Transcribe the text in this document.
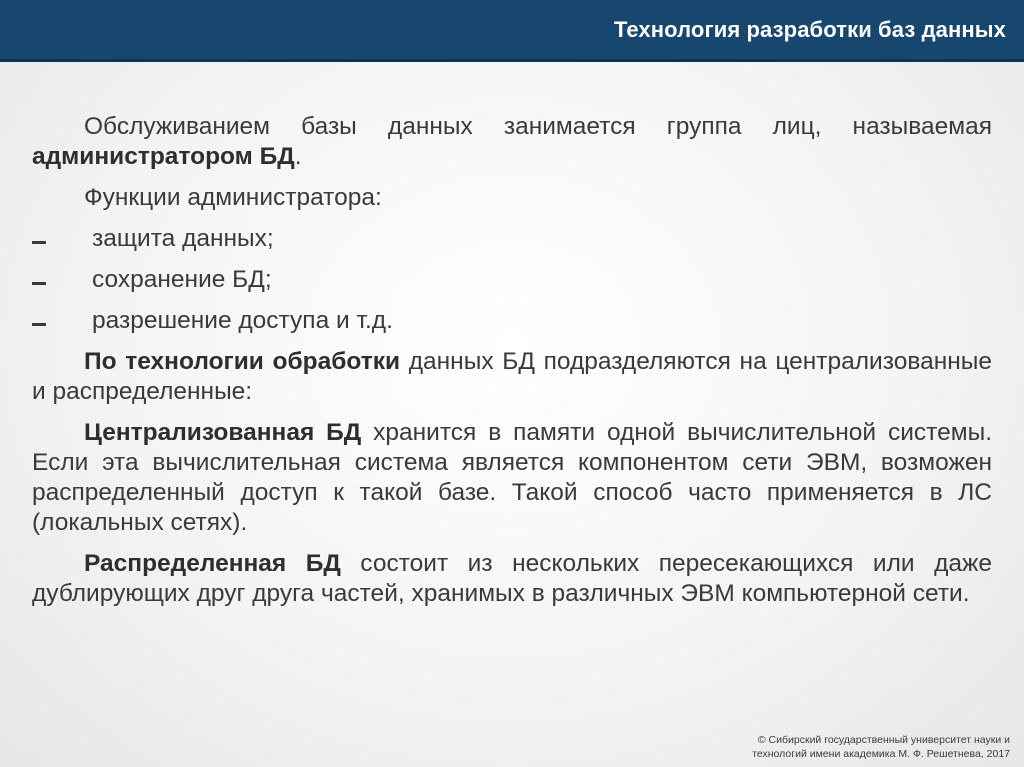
Технология разработки баз данных

Обслуживанием базы данных занимается группа лиц, называемая администратором БД.

Функции администратора:

защита данных;
сохранение БД;
разрешение доступа и т.д.

По технологии обработки данных БД подразделяются на централизованные и распределенные:

Централизованная БД хранится в памяти одной вычислительной системы. Если эта вычислительная система является компонентом сети ЭВМ, возможен распределенный доступ к такой базе. Такой способ часто применяется в ЛС (локальных сетях).

Распределенная БД состоит из нескольких пересекающихся или даже дублирующих друг друга частей, хранимых в различных ЭВМ компьютерной сети.

© Сибирский государственный университет науки и
технологий имени академика М. Ф. Решетнева, 2017
